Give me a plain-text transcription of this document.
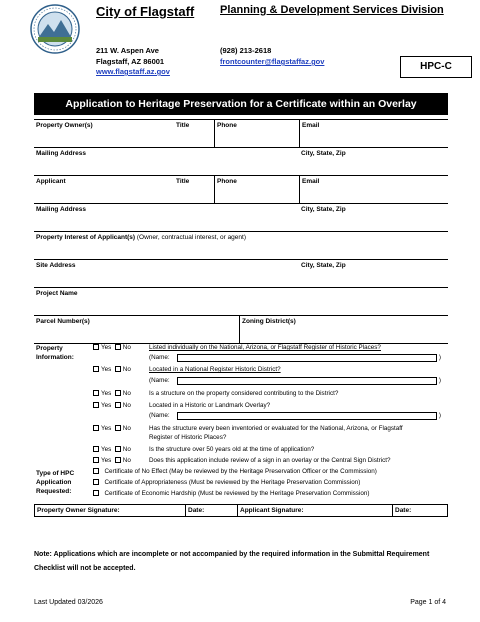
City of Flagstaff
211 W. Aspen Ave
Flagstaff, AZ 86001
www.flagstaff.az.gov
Planning & Development Services Division
(928) 213-2618
frontcounter@flagstaffaz.gov	HPC-C
Application to Heritage Preservation for a Certificate within an Overlay
Property Owner(s)	Title	Phone	Email
Mailing Address	City, State, Zip
Applicant	Title	Phone	Email
Mailing Address	City, State, Zip
Property Interest of Applicant(s) (Owner, contractual interest, or agent)
Site Address	City, State, Zip
Project Name
Parcel Number(s)	Zoning District(s)
Property
Information:
Yes No	Listed individually on the National, Arizona, or Flagstaff Register of Historic Places?
(Name:	)
Yes No	Located in a National Register Historic District?
(Name:	)
Yes No	Is a structure on the property considered contributing to the District?
Yes No	Located in a Historic or Landmark Overlay?
(Name:	)
Yes No	Has the structure every been inventoried or evaluated for the National, Arizona, or Flagstaff
Register of Historic Places?
Yes No	Is the structure over 50 years old at the time of application?
Yes No	Does this application include review of a sign in an overlay or the Central Sign District?
Type of HPC
Application
Requested:
Certificate of No Effect (May be reviewed by the Heritage Preservation Officer or the Commission)
Certificate of Appropriateness (Must be reviewed by the Heritage Preservation Commission)
Certificate of Economic Hardship (Must be reviewed by the Heritage Preservation Commission)
Property Owner Signature:	Date:	Applicant Signature:	Date:
Note: Applications which are incomplete or not accompanied by the required information in the Submittal Requirement Checklist will not be accepted.
Last Updated 03/2026	Page 1 of 4
